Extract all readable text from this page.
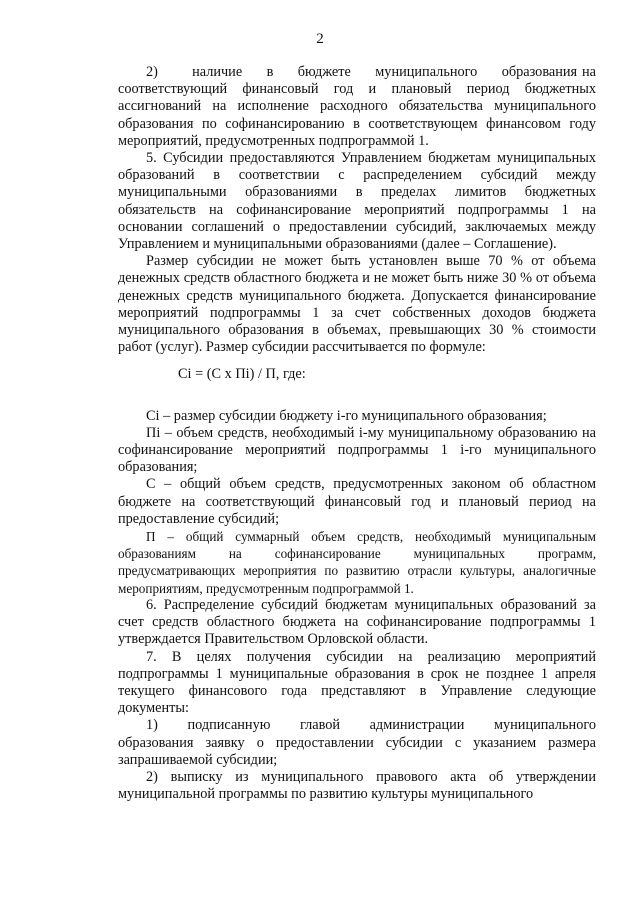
2

2)       наличие     в     бюджете     муниципального     образования на соответствующий финансовый год и плановый период бюджетных ассигнований на исполнение расходного обязательства муниципального образования по софинансированию в соответствующем финансовом году мероприятий, предусмотренных подпрограммой 1.

5. Субсидии предоставляются Управлением бюджетам муниципальных образований в соответствии с распределением субсидий между муниципальными образованиями в пределах лимитов бюджетных обязательств на софинансирование мероприятий подпрограммы 1 на основании соглашений о предоставлении субсидий, заключаемых между Управлением и муниципальными образованиями (далее – Соглашение).

Размер субсидии не может быть установлен выше 70 % от объема денежных средств областного бюджета и не может быть ниже 30 % от объема денежных средств муниципального бюджета. Допускается финансирование мероприятий подпрограммы 1 за счет собственных доходов бюджета муниципального образования в объемах, превышающих 30 % стоимости работ (услуг). Размер субсидии рассчитывается по формуле:

Сi = (С х Пi) / П, где:

Сi – размер субсидии бюджету i-го муниципального образования;

Пi – объем средств, необходимый i-му муниципальному образованию на софинансирование мероприятий подпрограммы 1 i-го муниципального образования;

С – общий объем средств, предусмотренных законом об областном бюджете на соответствующий финансовый год и плановый период на предоставление субсидий;

П – общий суммарный объем средств, необходимый муниципальным образованиям на софинансирование муниципальных программ, предусматривающих мероприятия по развитию отрасли культуры, аналогичные мероприятиям, предусмотренным подпрограммой 1.

6. Распределение субсидий бюджетам муниципальных образований за счет средств областного бюджета на софинансирование подпрограммы 1 утверждается Правительством Орловской области.

7. В целях получения субсидии на реализацию мероприятий подпрограммы 1 муниципальные образования в срок не позднее 1 апреля текущего финансового года представляют в Управление следующие документы:

1)     подписанную     главой     администрации     муниципального образования заявку о предоставлении субсидии с указанием размера запрашиваемой субсидии;

2) выписку из муниципального правового акта об утверждении муниципальной программы по развитию культуры муниципального
